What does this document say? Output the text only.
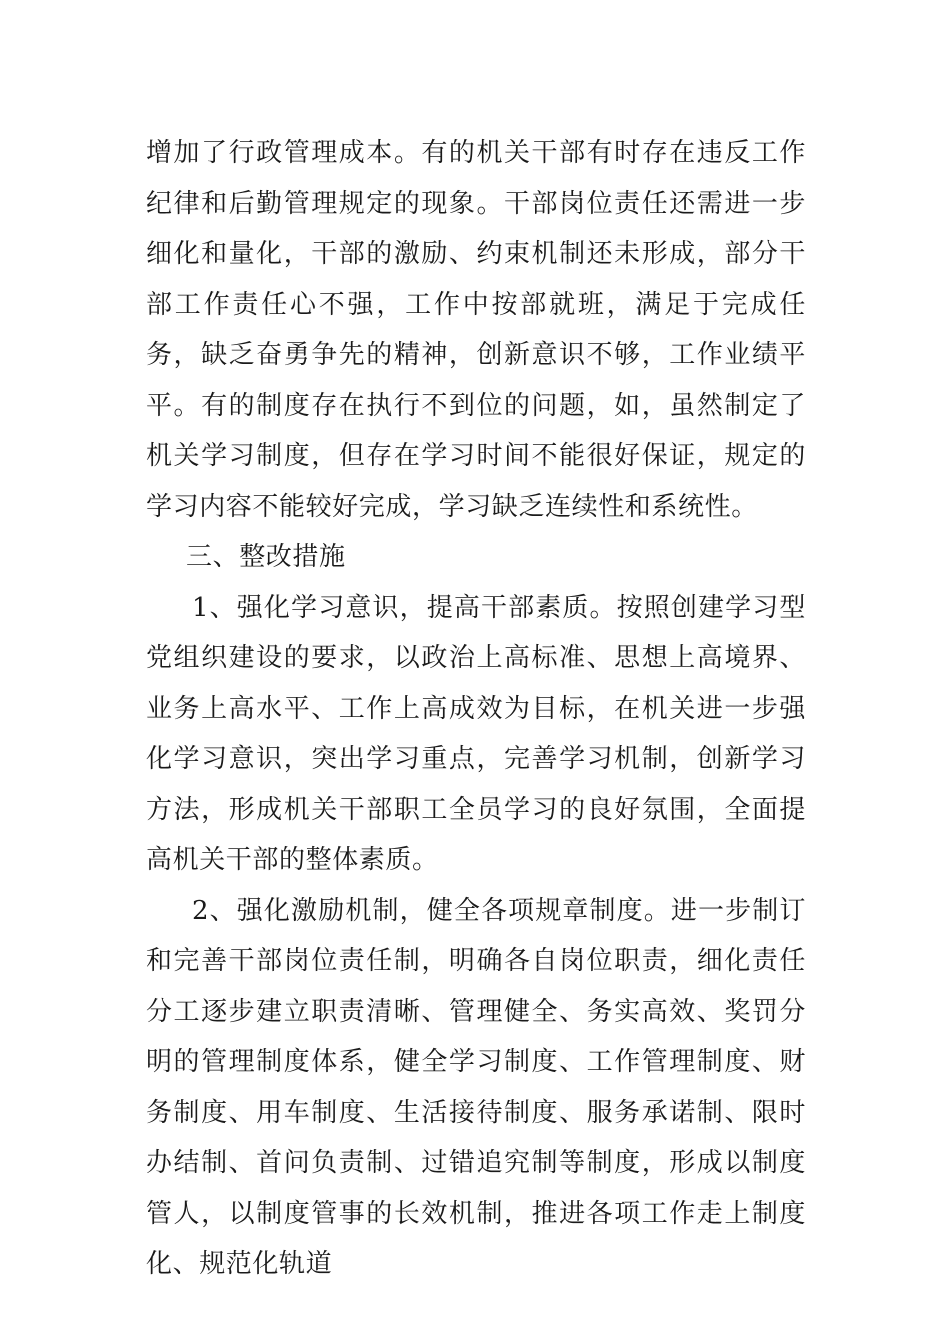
增加了行政管理成本。有的机关干部有时存在违反工作纪律和后勤管理规定的现象。干部岗位责任还需进一步细化和量化，干部的激励、约束机制还未形成，部分干部工作责任心不强，工作中按部就班，满足于完成任务，缺乏奋勇争先的精神，创新意识不够，工作业绩平平。有的制度存在执行不到位的问题，如，虽然制定了机关学习制度，但存在学习时间不能很好保证，规定的学习内容不能较好完成，学习缺乏连续性和系统性。

三、整改措施

1、强化学习意识，提高干部素质。按照创建学习型党组织建设的要求，以政治上高标准、思想上高境界、业务上高水平、工作上高成效为目标，在机关进一步强化学习意识，突出学习重点，完善学习机制，创新学习方法，形成机关干部职工全员学习的良好氛围，全面提高机关干部的整体素质。

2、强化激励机制，健全各项规章制度。进一步制订和完善干部岗位责任制，明确各自岗位职责，细化责任分工逐步建立职责清晰、管理健全、务实高效、奖罚分明的管理制度体系，健全学习制度、工作管理制度、财务制度、用车制度、生活接待制度、服务承诺制、限时办结制、首问负责制、过错追究制等制度，形成以制度管人，以制度管事的长效机制，推进各项工作走上制度化、规范化轨道
